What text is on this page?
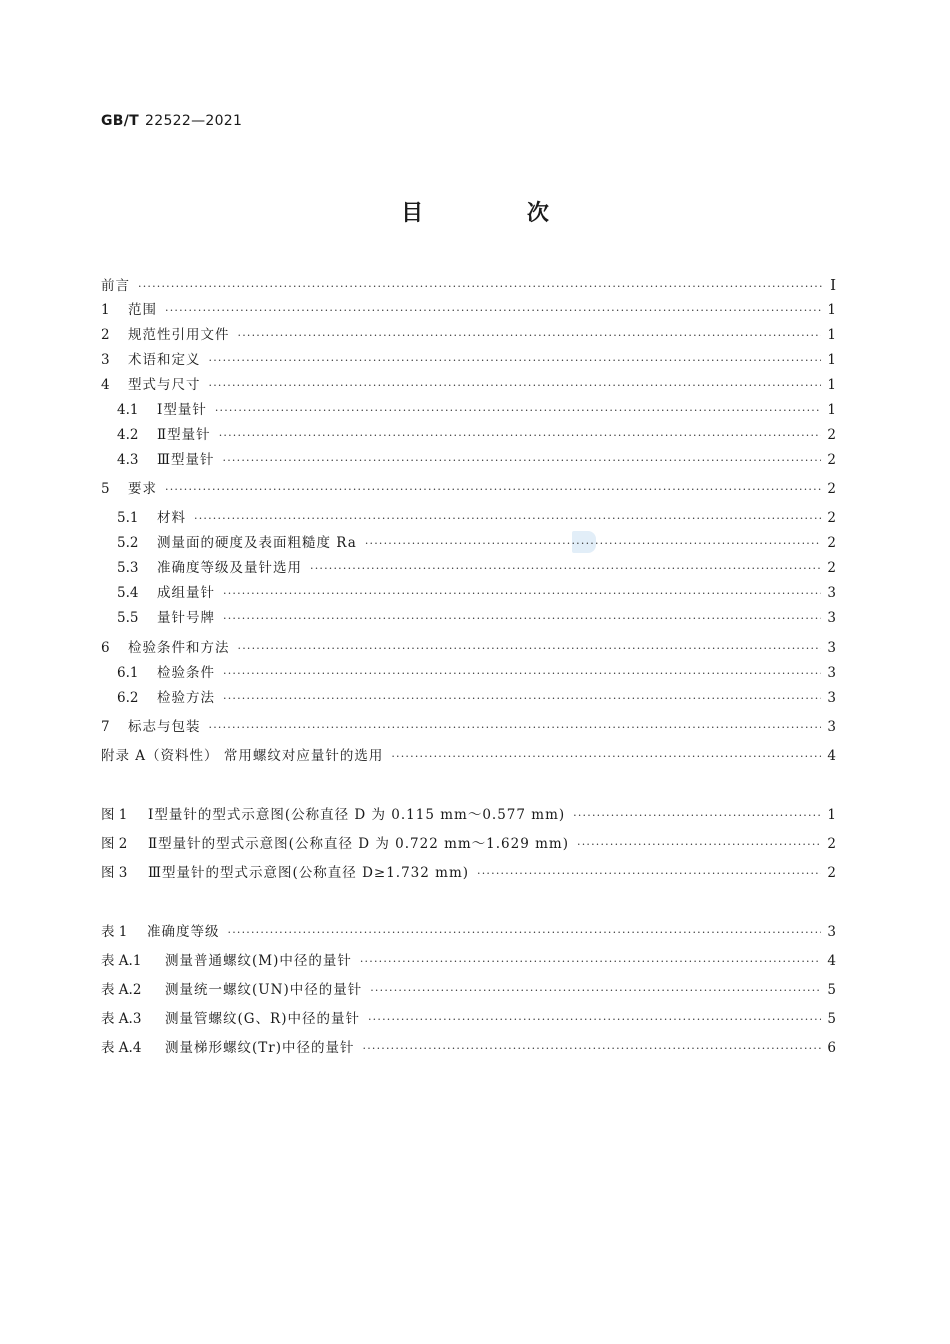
GB/T 22522—2021
目 次
前言 ·····	Ⅰ
1	范围 ·····	1
2	规范性引用文件 ·····	1
3	术语和定义 ·····	1
4	型式与尺寸 ·····	1
4.1	Ⅰ型量针 ·····	1
4.2	Ⅱ型量针 ·····	2
4.3	Ⅲ型量针 ·····	2
5	要求 ·····	2
5.1	材料 ·····	2
5.2	测量面的硬度及表面粗糙度 Ra ·····	2
5.3	准确度等级及量针选用 ·····	2
5.4	成组量针 ·····	3
5.5	量针号牌 ·····	3
6	检验条件和方法 ·····	3
6.1	检验条件 ·····	3
6.2	检验方法 ·····	3
7	标志与包装 ·····	3
附录 A（资料性） 常用螺纹对应量针的选用 ·····	4
图 1	Ⅰ型量针的型式示意图(公称直径 D 为 0.115 mm～0.577 mm) ·····	1
图 2	Ⅱ型量针的型式示意图(公称直径 D 为 0.722 mm～1.629 mm) ·····	2
图 3	Ⅲ型量针的型式示意图(公称直径 D≥1.732 mm) ·····	2
表 1	准确度等级 ·····	3
表 A.1	测量普通螺纹(M)中径的量针 ·····	4
表 A.2	测量统一螺纹(UN)中径的量针 ·····	5
表 A.3	测量管螺纹(G、R)中径的量针 ·····	5
表 A.4	测量梯形螺纹(Tr)中径的量针 ·····	6
